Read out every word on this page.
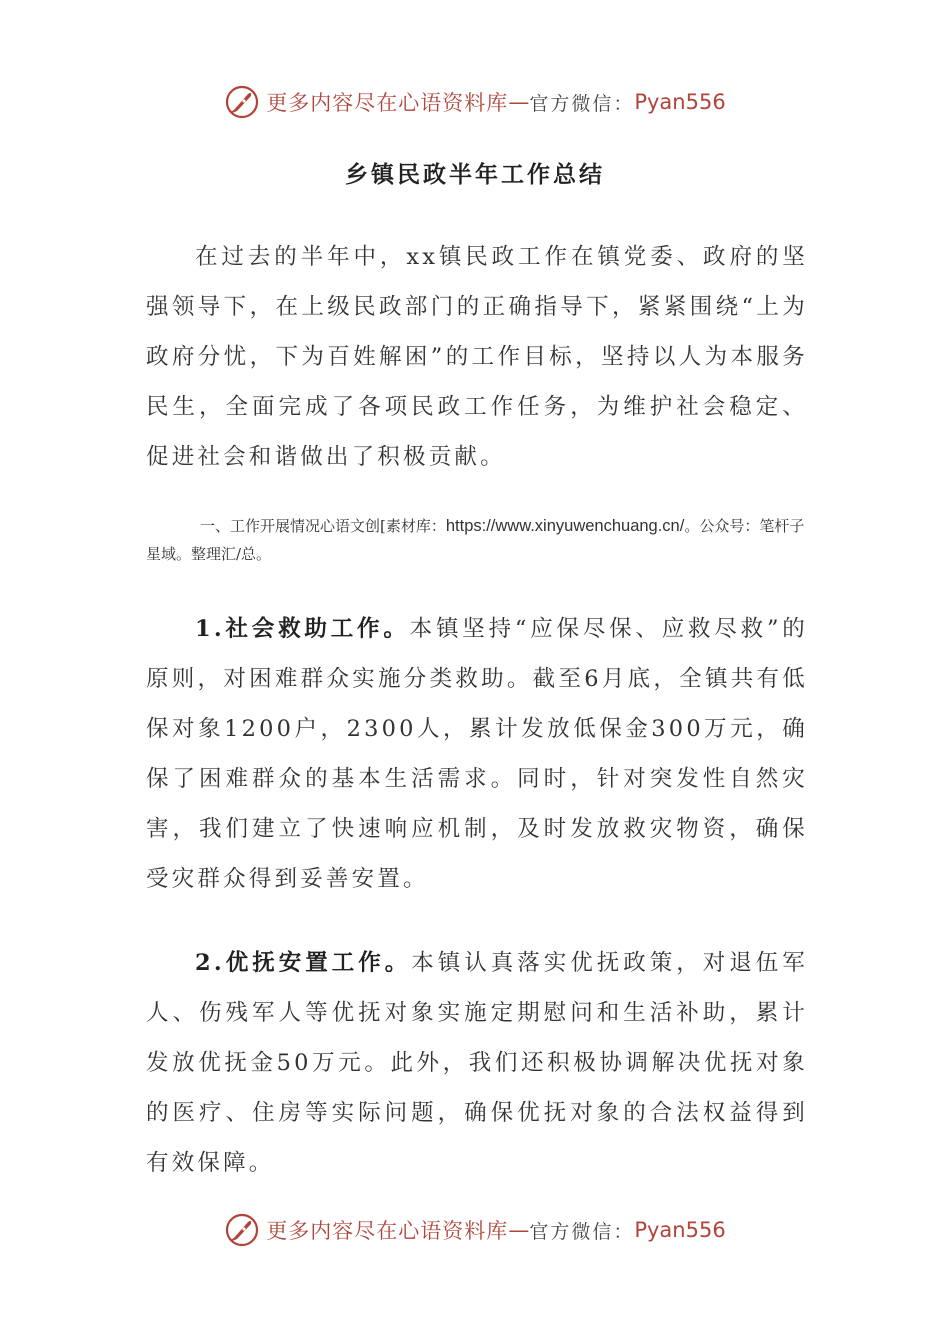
更多内容尽在心语资料库 — 官方微信： Pyan556
乡镇民政半年工作总结

在过去的半年中，xx镇民政工作在镇党委、政府的坚强领导下，在上级民政部门的正确指导下，紧紧围绕“上为政府分忧，下为百姓解困”的工作目标，坚持以人为本服务民生，全面完成了各项民政工作任务，为维护社会稳定、促进社会和谐做出了积极贡献。

一、工作开展情况心语文创[素材库：https://www.xinyuwenchuang.cn/。公众号：笔杆子星域。整理汇/总。

1.社会救助工作。本镇坚持“应保尽保、应救尽救”的原则，对困难群众实施分类救助。截至6月底，全镇共有低保对象1200户，2300人，累计发放低保金300万元，确保了困难群众的基本生活需求。同时，针对突发性自然灾害，我们建立了快速响应机制，及时发放救灾物资，确保受灾群众得到妥善安置。

2.优抚安置工作。本镇认真落实优抚政策，对退伍军人、伤残军人等优抚对象实施定期慰问和生活补助，累计发放优抚金50万元。此外，我们还积极协调解决优抚对象的医疗、住房等实际问题，确保优抚对象的合法权益得到有效保障。

更多内容尽在心语资料库 — 官方微信： Pyan556
